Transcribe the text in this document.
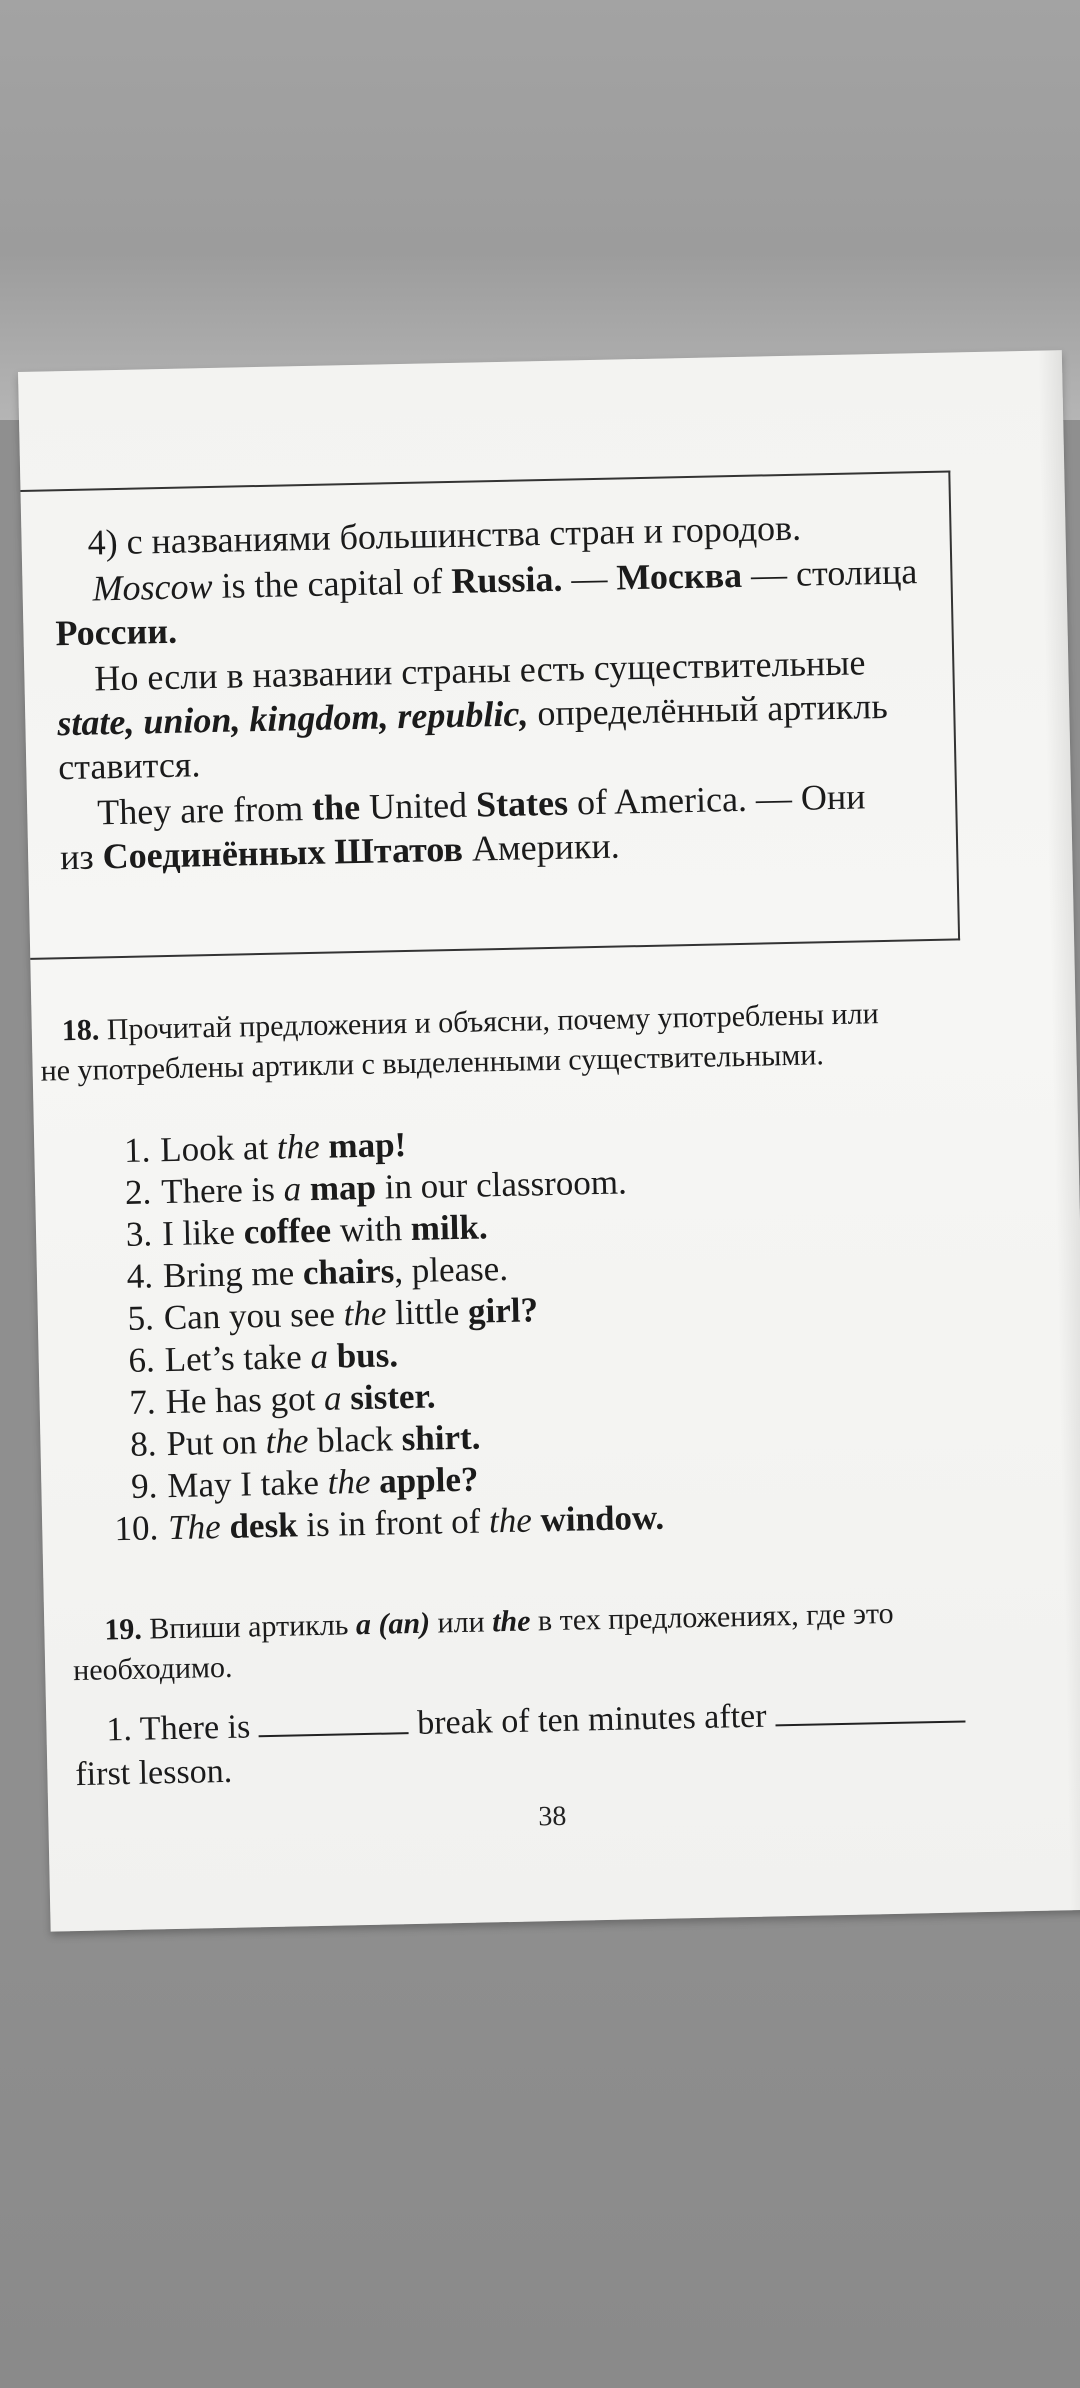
4) с названиями большинства стран и городов.
Moscow is the capital of Russia. — Москва — столица
России.
Но если в названии страны есть существительные
state, union, kingdom, republic, определённый артикль
ставится.
They are from the United States of America. — Они
из Соединённых Штатов Америки.
18. Прочитай предложения и объясни, почему употреблены или
не употреблены артикли с выделенными существительными.
1. Look at the map!
2. There is a map in our classroom.
3. I like coffee with milk.
4. Bring me chairs, please.
5. Can you see the little girl?
6. Let’s take a bus.
7. He has got a sister.
8. Put on the black shirt.
9. May I take the apple?
10. The desk is in front of the window.
19. Впиши артикль a (an) или the в тех предложениях, где это
необходимо.
1. There is	break of ten minutes after
first lesson.
38
